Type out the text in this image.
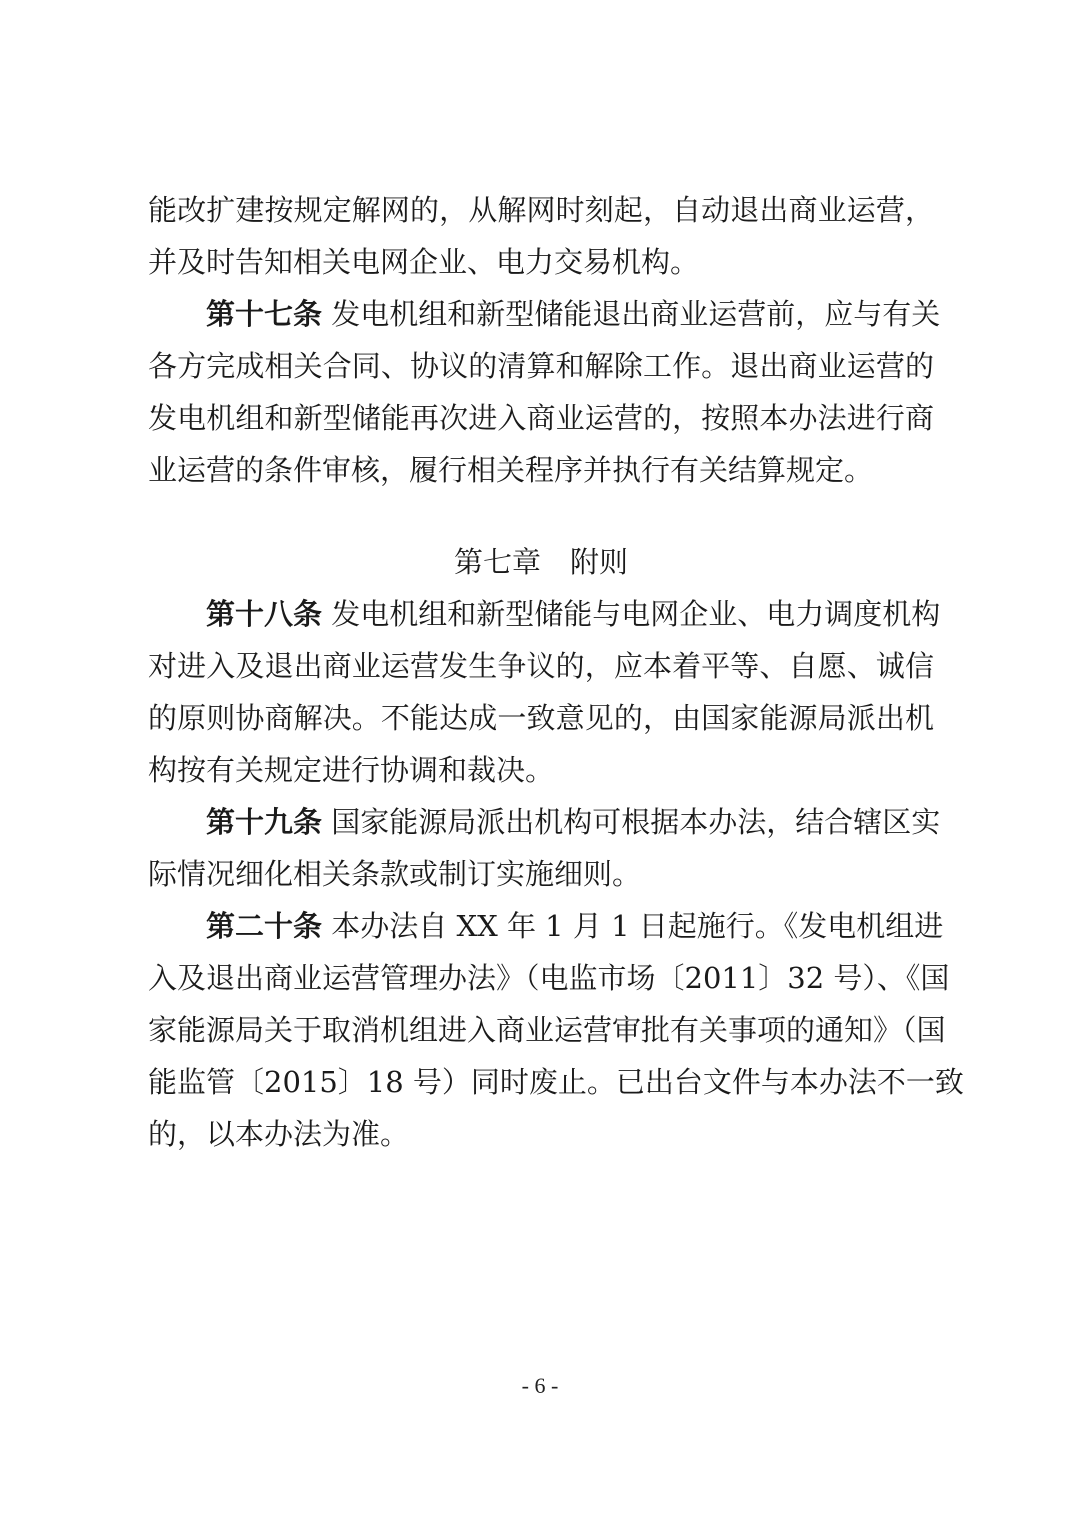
能改扩建按规定解网的，从解网时刻起，自动退出商业运营，
并及时告知相关电网企业、电力交易机构。
第十七条 发电机组和新型储能退出商业运营前，应与有关
各方完成相关合同、协议的清算和解除工作。退出商业运营的
发电机组和新型储能再次进入商业运营的，按照本办法进行商
业运营的条件审核，履行相关程序并执行有关结算规定。
第七章　附则
第十八条 发电机组和新型储能与电网企业、电力调度机构
对进入及退出商业运营发生争议的，应本着平等、自愿、诚信
的原则协商解决。不能达成一致意见的，由国家能源局派出机
构按有关规定进行协调和裁决。
第十九条 国家能源局派出机构可根据本办法，结合辖区实
际情况细化相关条款或制订实施细则。
第二十条 本办法自 XX 年 1 月 1 日起施行。《发电机组进
入及退出商业运营管理办法》（电监市场〔2011〕32 号）、《国
家能源局关于取消机组进入商业运营审批有关事项的通知》（国
能监管〔2015〕18 号）同时废止。已出台文件与本办法不一致
的，以本办法为准。
- 6 -
